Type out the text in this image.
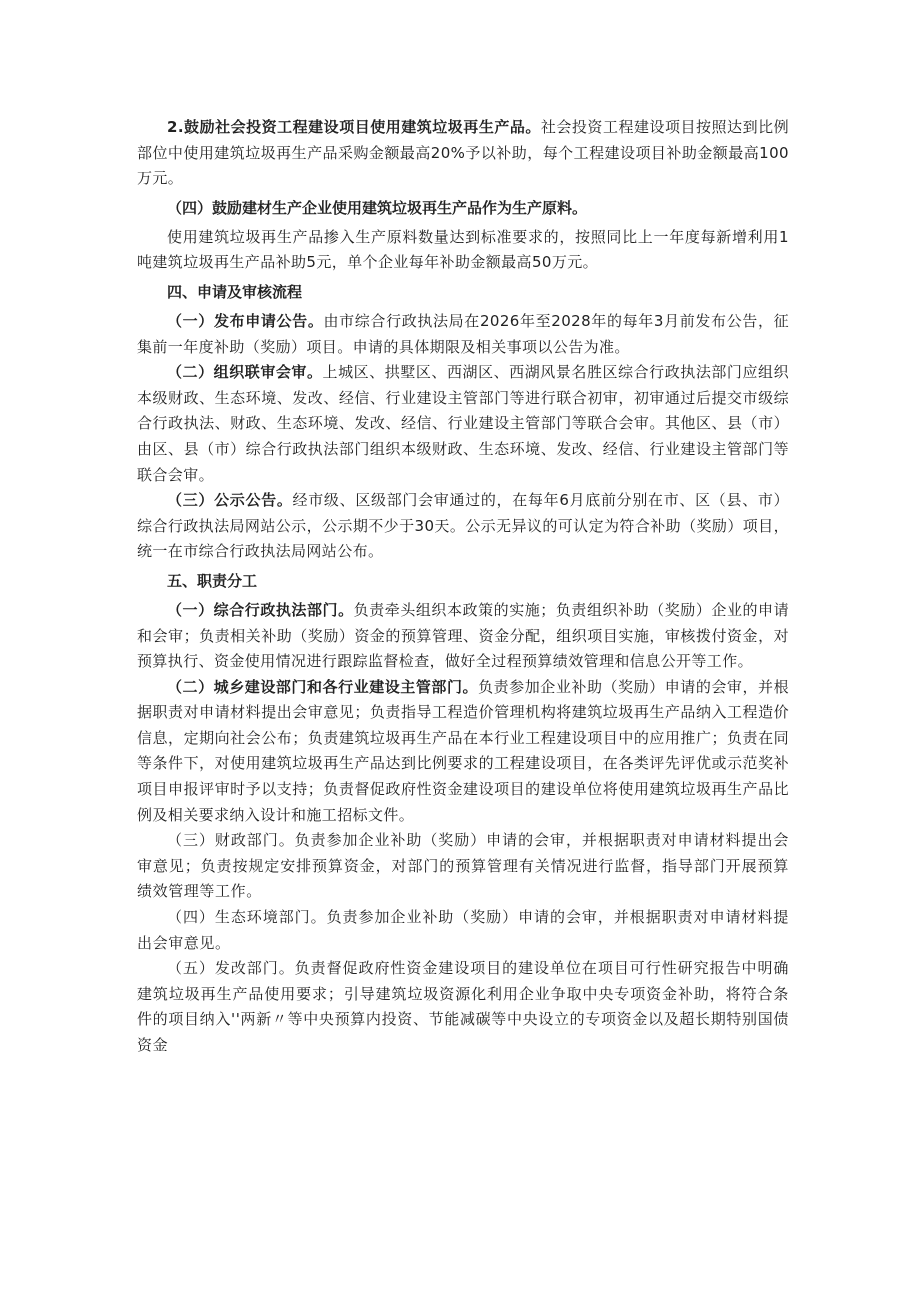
2.鼓励社会投资工程建设项目使用建筑垃圾再生产品。社会投资工程建设项目按照达到比例部位中使用建筑垃圾再生产品采购金额最高20%予以补助，每个工程建设项目补助金额最高100万元。

（四）鼓励建材生产企业使用建筑垃圾再生产品作为生产原料。

使用建筑垃圾再生产品掺入生产原料数量达到标准要求的，按照同比上一年度每新增利用1吨建筑垃圾再生产品补助5元，单个企业每年补助金额最高50万元。

四、申请及审核流程

（一）发布申请公告。由市综合行政执法局在2026年至2028年的每年3月前发布公告，征集前一年度补助（奖励）项目。申请的具体期限及相关事项以公告为准。

（二）组织联审会审。上城区、拱墅区、西湖区、西湖风景名胜区综合行政执法部门应组织本级财政、生态环境、发改、经信、行业建设主管部门等进行联合初审，初审通过后提交市级综合行政执法、财政、生态环境、发改、经信、行业建设主管部门等联合会审。其他区、县（市）由区、县（市）综合行政执法部门组织本级财政、生态环境、发改、经信、行业建设主管部门等联合会审。

（三）公示公告。经市级、区级部门会审通过的，在每年6月底前分别在市、区（县、市）综合行政执法局网站公示，公示期不少于30天。公示无异议的可认定为符合补助（奖励）项目，统一在市综合行政执法局网站公布。

五、职责分工

（一）综合行政执法部门。负责牵头组织本政策的实施；负责组织补助（奖励）企业的申请和会审；负责相关补助（奖励）资金的预算管理、资金分配，组织项目实施，审核拨付资金，对预算执行、资金使用情况进行跟踪监督检查，做好全过程预算绩效管理和信息公开等工作。

（二）城乡建设部门和各行业建设主管部门。负责参加企业补助（奖励）申请的会审，并根据职责对申请材料提出会审意见；负责指导工程造价管理机构将建筑垃圾再生产品纳入工程造价信息，定期向社会公布；负责建筑垃圾再生产品在本行业工程建设项目中的应用推广；负责在同等条件下，对使用建筑垃圾再生产品达到比例要求的工程建设项目，在各类评先评优或示范奖补项目申报评审时予以支持；负责督促政府性资金建设项目的建设单位将使用建筑垃圾再生产品比例及相关要求纳入设计和施工招标文件。

（三）财政部门。负责参加企业补助（奖励）申请的会审，并根据职责对申请材料提出会审意见；负责按规定安排预算资金，对部门的预算管理有关情况进行监督，指导部门开展预算绩效管理等工作。

（四）生态环境部门。负责参加企业补助（奖励）申请的会审，并根据职责对申请材料提出会审意见。

（五）发改部门。负责督促政府性资金建设项目的建设单位在项目可行性研究报告中明确建筑垃圾再生产品使用要求；引导建筑垃圾资源化利用企业争取中央专项资金补助，将符合条件的项目纳入''两新〃等中央预算内投资、节能减碳等中央设立的专项资金以及超长期特别国债资金
